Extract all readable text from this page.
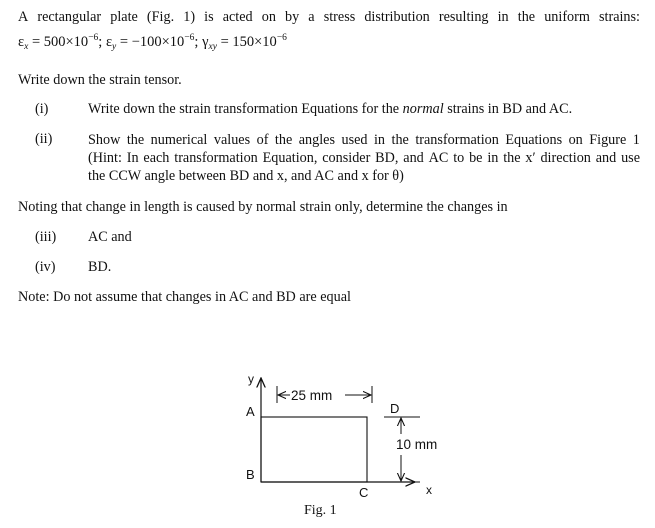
A rectangular plate (Fig. 1) is acted on by a stress distribution resulting in the uniform strains:
$\varepsilon_x = 500\times 10^{-6}$; $\varepsilon_y = -100\times 10^{-6}$; $\gamma_{xy} = 150\times 10^{-6}$
Write down the strain tensor.
(i)	Write down the strain transformation Equations for the normal strains in BD and AC.
(ii)	Show the numerical values of the angles used in the transformation Equations on Figure 1
(Hint: In each transformation Equation, consider BD, and AC to be in the x′ direction and use
the CCW angle between BD and x, and AC and x for θ)
Noting that change in length is caused by normal strain only, determine the changes in
(iii) AC and
(iv) BD.
Note: Do not assume that changes in AC and BD are equal
25 mm
10 mm
y
x
A
B
C
D
Fig. 1
